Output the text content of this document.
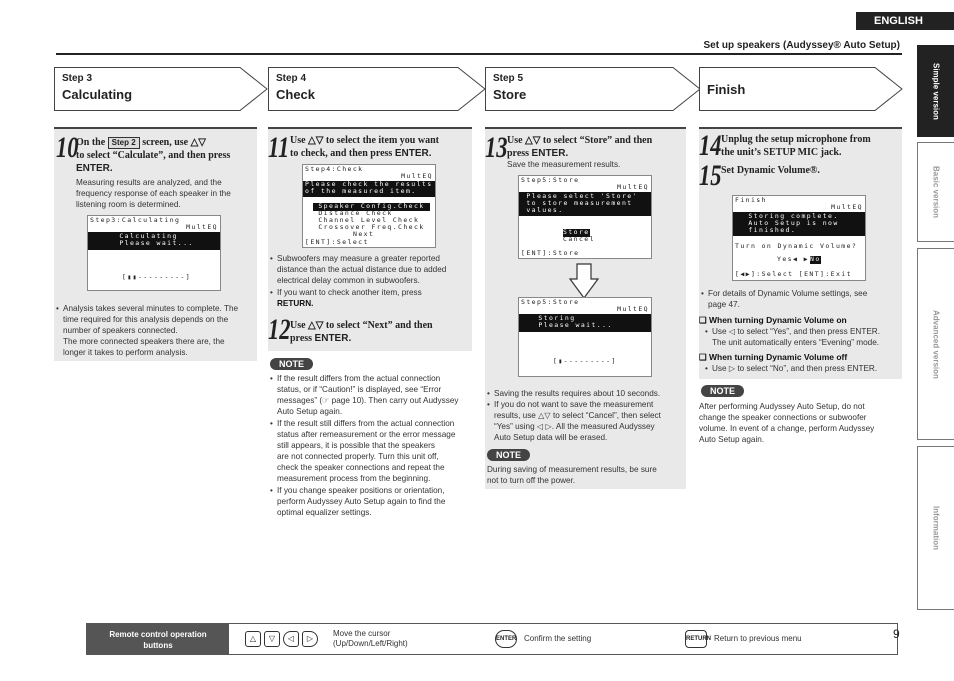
ENGLISH
Set up speakers (Audyssey® Auto Setup)
Simple version
Basic version
Advanced version
Information
Step 3
Calculating
Step 4
Check
Step 5
Store	Finish
10
On the Step 2 screen, use △▽
to select “Calculate”, and then press
ENTER.
Measuring results are analyzed, and the
frequency response of each speaker in the
listening room is determined.
Step3:Calculating
MultEQ
Calculating
Please wait...
[▮▮---------]
• Analysis takes several minutes to complete. The
time required for this analysis depends on the
number of speakers connected.
The more connected speakers there are, the
longer it takes to perform analysis.
11 Use △▽ to select the item you want
to check, and then press ENTER.
Step4:Check
MultEQ
Please check the results
of the measured item.
Speaker Config.Check
Distance Check
Channel Level Check
Crossover Freq.Check
Next
[ENT]:Select
• Subwoofers may measure a greater reported
distance than the actual distance due to added
electrical delay common in subwoofers.
• If you want to check another item, press
RETURN.
12 Use △▽ to select “Next” and then
press ENTER.
NOTE
• If the result differs from the actual connection
status, or if “Caution!” is displayed, see “Error
messages” (☞ page 10). Then carry out Audyssey
Auto Setup again.
• If the result still differs from the actual connection
status after remeasurement or the error message
still appears, it is possible that the speakers
are not connected properly. Turn this unit off,
check the speaker connections and repeat the
measurement process from the beginning.
• If you change speaker positions or orientation,
perform Audyssey Auto Setup again to find the
optimal equalizer settings.
13 Use △▽ to select “Store” and then
press ENTER.
Save the measurement results.
Step5:Store
MultEQ
Please select 'Store'
to store measurement
values.
Store
Cancel
[ENT]:Store
Step5:Store
MultEQ
Storing
Please wait...
[▮---------]
• Saving the results requires about 10 seconds.
• If you do not want to save the measurement
results, use △▽ to select “Cancel”, then select
“Yes” using ◁ ▷. All the measured Audyssey
Auto Setup data will be erased.
NOTE
During saving of measurement results, be sure
not to turn off the power.
14 Unplug the setup microphone from
the unit’s SETUP MIC jack.
15 Set Dynamic Volume®.
Finish
MultEQ
Storing complete.
Auto Setup is now
finished.
Turn on Dynamic Volume?
Yes◀ ▶ No
[◀▶]:Select [ENT]:Exit
• For details of Dynamic Volume settings, see
page 47.
❑ When turning Dynamic Volume on
• Use ◁ to select “Yes”, and then press ENTER.
The unit automatically enters “Evening” mode.
❑ When turning Dynamic Volume off
• Use ▷ to select “No”, and then press ENTER.
NOTE
After performing Audyssey Auto Setup, do not
change the speaker connections or subwoofer
volume. In event of a change, perform Audyssey
Auto Setup again.
Remote control operation
buttons
△	▽	◁	▷
Move the cursor
(Up/Down/Left/Right)	ENTER Confirm the setting	RETURN Return to previous menu	9
